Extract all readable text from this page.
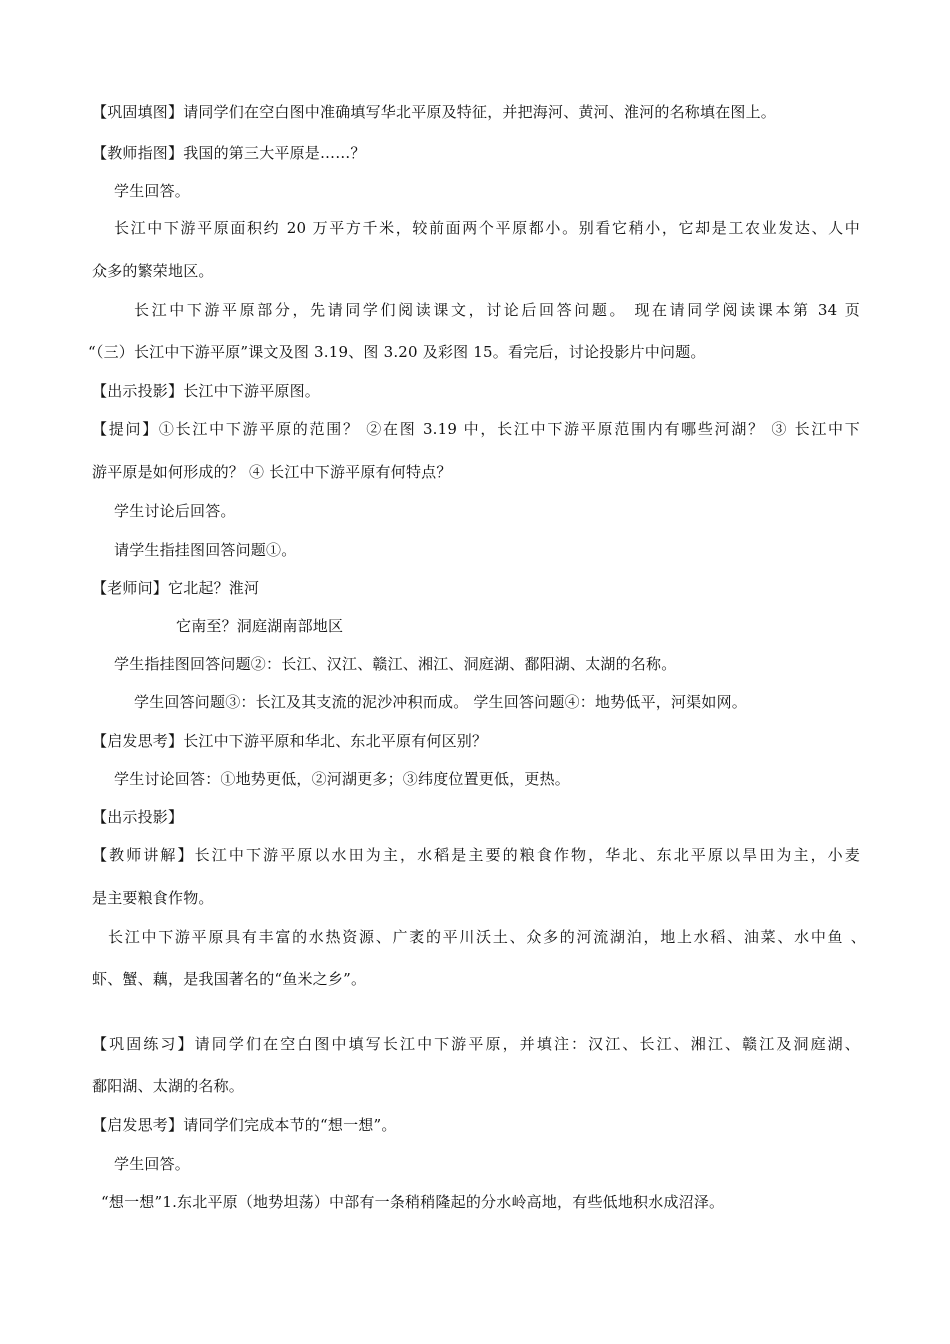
【巩固填图】请同学们在空白图中准确填写华北平原及特征，并把海河、黄河、淮河的名称填在图上。
【教师指图】我国的第三大平原是……？
学生回答。
长江中下游平原面积约 20 万平方千米，较前面两个平原都小。别看它稍小，它却是工农业发达、人中
众多的繁荣地区。
长江中下游平原部分，先请同学们阅读课文，讨论后回答问题。 现在请同学阅读课本第 34 页
“（三）长江中下游平原”课文及图 3.19、图 3.20 及彩图 15。看完后，讨论投影片中问题。
【出示投影】长江中下游平原图。
【提问】①长江中下游平原的范围？ ②在图 3.19 中，长江中下游平原范围内有哪些河湖？ ③ 长江中下
游平原是如何形成的？ ④ 长江中下游平原有何特点？
学生讨论后回答。
请学生指挂图回答问题①。
【老师问】它北起？淮河
它南至？洞庭湖南部地区
学生指挂图回答问题②：长江、汉江、赣江、湘江、洞庭湖、鄱阳湖、太湖的名称。
学生回答问题③：长江及其支流的泥沙冲积而成。 学生回答问题④：地势低平，河渠如网。
【启发思考】长江中下游平原和华北、东北平原有何区别？
学生讨论回答：①地势更低，②河湖更多；③纬度位置更低，更热。
【出示投影】
【教师讲解】长江中下游平原以水田为主，水稻是主要的粮食作物，华北、东北平原以旱田为主，小麦
是主要粮食作物。
长江中下游平原具有丰富的水热资源、广袤的平川沃土、众多的河流湖泊，地上水稻、油菜、水中鱼 、
虾、蟹、藕，是我国著名的“鱼米之乡”。
【巩固练习】请同学们在空白图中填写长江中下游平原，并填注：汉江、长江、湘江、赣江及洞庭湖、
鄱阳湖、太湖的名称。
【启发思考】请同学们完成本节的“想一想”。
学生回答。
“想一想”1.东北平原（地势坦荡）中部有一条稍稍隆起的分水岭高地，有些低地积水成沼泽。
